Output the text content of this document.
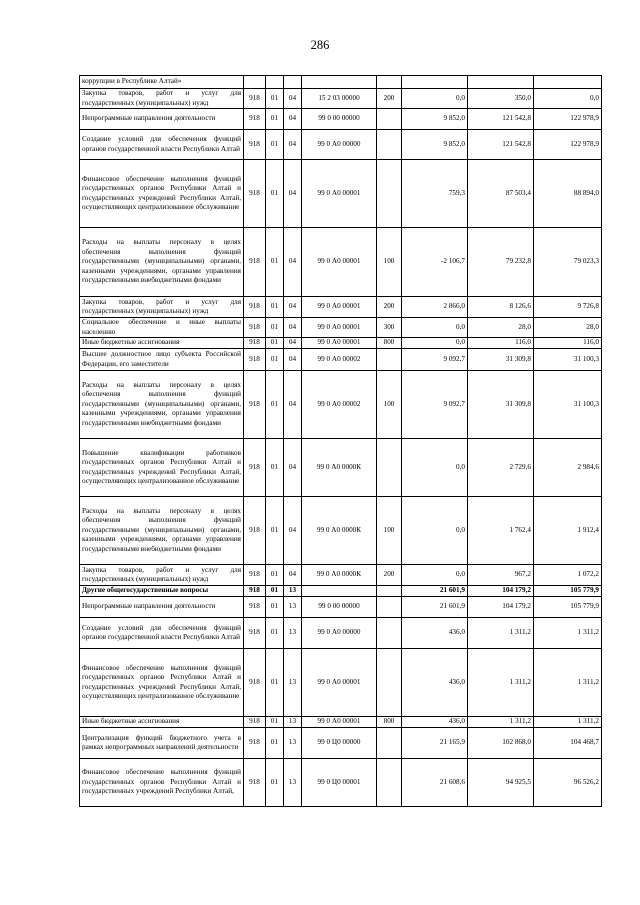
286
коррупции в Республике Алтай»								
Закупка товаров, работ и услуг для государственных (муниципальных) нужд	918	01	04	15 2 03 00000	200	0,0	350,0	0,0
Непрограммные направления деятельности	918	01	04	99 0 00 00000		9 852,0	121 542,8	122 978,9
Создание условий для обеспечения функций органов государственной власти Республики Алтай	918	01	04	99 0 А0 00000		9 852,0	121 542,8	122 978,9
Финансовое обеспечение выполнения функций государственных органов Республики Алтай и государственных учреждений Республики Алтай, осуществляющих централизованное обслуживание	918	01	04	99 0 А0 00001		759,3	87 503,4	88 894,0
Расходы на выплаты персоналу в целях обеспечения выполнения функций государственными (муниципальными) органами, казенными учреждениями, органами управления государственными внебюджетными фондами	918	01	04	99 0 А0 00001	100	-2 106,7	79 232,8	79 023,3
Закупка товаров, работ и услуг для государственных (муниципальных) нужд	918	01	04	99 0 А0 00001	200	2 866,0	8 126,6	9 726,8
Социальное обеспечение и иные выплаты населению	918	01	04	99 0 А0 00001	300	0,0	28,0	28,0
Иные бюджетные ассигнования	918	01	04	99 0 А0 00001	800	0,0	116,0	116,0
Высшее должностное лицо субъекта Российской Федерации, его заместители	918	01	04	99 0 А0 00002		9 092,7	31 309,8	31 100,3
Расходы на выплаты персоналу в целях обеспечения выполнения функций государственными (муниципальными) органами, казенными учреждениями, органами управления государственными внебюджетными фондами	918	01	04	99 0 А0 00002	100	9 092,7	31 309,8	31 100,3
Повышение квалификации работников государственных органов Республики Алтай и государственных учреждений Республики Алтай, осуществляющих централизованное обслуживание	918	01	04	99 0 А0 0000К		0,0	2 729,6	2 984,6
Расходы на выплаты персоналу в целях обеспечения выполнения функций государственными (муниципальными) органами, казенными учреждениями, органами управления государственными внебюджетными фондами	918	01	04	99 0 А0 0000К	100	0,0	1 762,4	1 912,4
Закупка товаров, работ и услуг для государственных (муниципальных) нужд	918	01	04	99 0 А0 0000К	200	0,0	967,2	1 072,2
Другие общегосударственные вопросы	918	01	13			21 601,9	104 179,2	105 779,9
Непрограммные направления деятельности	918	01	13	99 0 00 00000		21 601,9	104 179,2	105 779,9
Создание условий для обеспечения функций органов государственной власти Республики Алтай	918	01	13	99 0 А0 00000		436,0	1 311,2	1 311,2
Финансовое обеспечение выполнения функций государственных органов Республики Алтай и государственных учреждений Республики Алтай, осуществляющих централизованное обслуживание	918	01	13	99 0 А0 00001		436,0	1 311,2	1 311,2
Иные бюджетные ассигнования	918	01	13	99 0 А0 00001	800	436,0	1 311,2	1 311,2
Централизация функций бюджетного учета в рамках непрограммных направлений деятельности	918	01	13	99 0 Ц0 00000		21 165,9	102 868,0	104 468,7
Финансовое обеспечение выполнения функций государственных органов Республики Алтай и государственных учреждений Республики Алтай,	918	01	13	99 0 Ц0 00001		21 608,6	94 925,5	96 526,2
